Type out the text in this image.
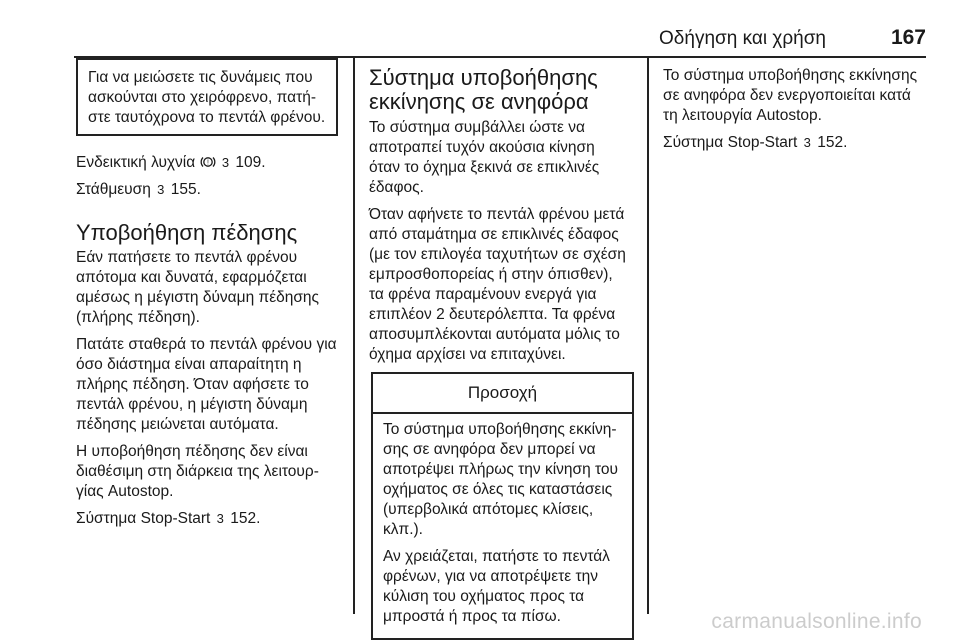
Οδήγηση και χρήση	167

Για να μειώσετε τις δυνάμεις που
ασκούνται στο χειρόφρενο, πατή-
στε ταυτόχρονα το πεντάλ φρένου.

Ενδεικτική λυχνία ! 3 109.

Στάθμευση 3 155.

Υποβοήθηση πέδησης

Εάν πατήσετε το πεντάλ φρένου
απότομα και δυνατά, εφαρμόζεται
αμέσως η μέγιστη δύναμη πέδησης
(πλήρης πέδηση).

Πατάτε σταθερά το πεντάλ φρένου για
όσο διάστημα είναι απαραίτητη η
πλήρης πέδηση. Όταν αφήσετε το
πεντάλ φρένου, η μέγιστη δύναμη
πέδησης μειώνεται αυτόματα.

Η υποβοήθηση πέδησης δεν είναι
διαθέσιμη στη διάρκεια της λειτουρ-
γίας Autostop.

Σύστημα Stop-Start 3 152.

Σύστημα υποβοήθησης
εκκίνησης σε ανηφόρα

Το σύστημα συμβάλλει ώστε να
αποτραπεί τυχόν ακούσια κίνηση
όταν το όχημα ξεκινά σε επικλινές
έδαφος.

Όταν αφήνετε το πεντάλ φρένου μετά
από σταμάτημα σε επικλινές έδαφος
(με τον επιλογέα ταχυτήτων σε σχέση
εμπροσθοπορείας ή στην όπισθεν),
τα φρένα παραμένουν ενεργά για
επιπλέον 2 δευτερόλεπτα. Τα φρένα
αποσυμπλέκονται αυτόματα μόλις το
όχημα αρχίσει να επιταχύνει.

Προσοχή

Το σύστημα υποβοήθησης εκκίνη-
σης σε ανηφόρα δεν μπορεί να
αποτρέψει πλήρως την κίνηση του
οχήματος σε όλες τις καταστάσεις
(υπερβολικά απότομες κλίσεις,
κλπ.).

Αν χρειάζεται, πατήστε το πεντάλ
φρένων, για να αποτρέψετε την
κύλιση του οχήματος προς τα
μπροστά ή προς τα πίσω.

Το σύστημα υποβοήθησης εκκίνησης
σε ανηφόρα δεν ενεργοποιείται κατά
τη λειτουργία Autostop.

Σύστημα Stop-Start 3 152.

carmanualsonline.info
